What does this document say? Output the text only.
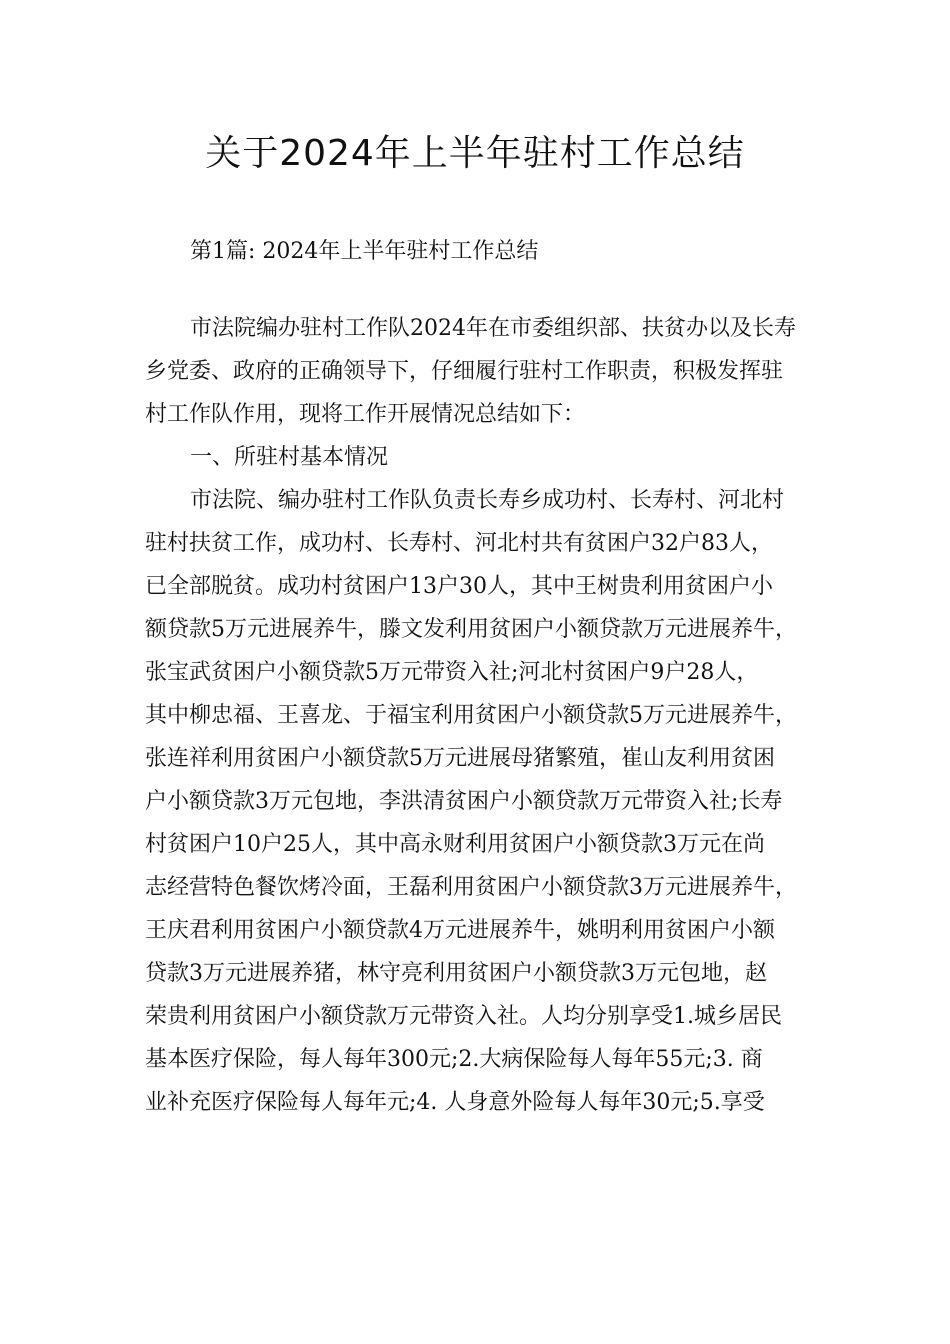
关于2024年上半年驻村工作总结
第1篇: 2024年上半年驻村工作总结
市法院编办驻村工作队2024年在市委组织部、扶贫办以及长寿
乡党委、政府的正确领导下，仔细履行驻村工作职责，积极发挥驻
村工作队作用，现将工作开展情况总结如下：
一、所驻村基本情况
市法院、编办驻村工作队负责长寿乡成功村、长寿村、河北村
驻村扶贫工作，成功村、长寿村、河北村共有贫困户32户83人，
已全部脱贫。成功村贫困户13户30人，其中王树贵利用贫困户小
额贷款5万元进展养牛，滕文发利用贫困户小额贷款万元进展养牛，
张宝武贫困户小额贷款5万元带资入社;河北村贫困户9户28人，
其中柳忠福、王喜龙、于福宝利用贫困户小额贷款5万元进展养牛，
张连祥利用贫困户小额贷款5万元进展母猪繁殖，崔山友利用贫困
户小额贷款3万元包地，李洪清贫困户小额贷款万元带资入社;长寿
村贫困户10户25人，其中高永财利用贫困户小额贷款3万元在尚
志经营特色餐饮烤冷面，王磊利用贫困户小额贷款3万元进展养牛，
王庆君利用贫困户小额贷款4万元进展养牛，姚明利用贫困户小额
贷款3万元进展养猪，林守亮利用贫困户小额贷款3万元包地，赵
荣贵利用贫困户小额贷款万元带资入社。人均分别享受1.城乡居民
基本医疗保险，每人每年300元;2.大病保险每人每年55元;3. 商
业补充医疗保险每人每年元;4. 人身意外险每人每年30元;5.享受
